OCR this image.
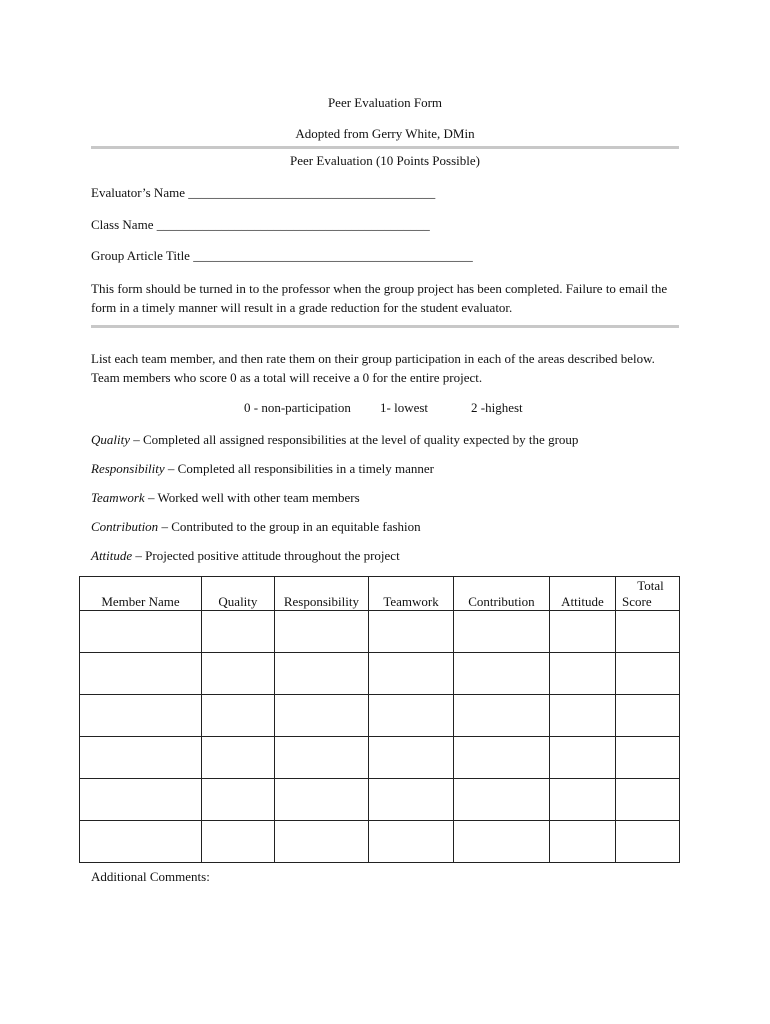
Peer Evaluation Form
Adopted from Gerry White, DMin
Peer Evaluation (10 Points Possible)
Evaluator’s Name ______________________________________
Class Name __________________________________________
Group Article Title ___________________________________________
This form should be turned in to the professor when the group project has been completed. Failure to email the form in a timely manner will result in a grade reduction for the student evaluator.
List each team member, and then rate them on their group participation in each of the areas described below. Team members who score 0 as a total will receive a 0 for the entire project.
0 - non-participation 1- lowest	2 -highest
Quality – Completed all assigned responsibilities at the level of quality expected by the group
Responsibility – Completed all responsibilities in a timely manner
Teamwork – Worked well with other team members
Contribution – Contributed to the group in an equitable fashion
Attitude – Projected positive attitude throughout the project
Member Name	Quality	Responsibility	Teamwork	Contribution	Attitude	Total
Score

Additional Comments:
